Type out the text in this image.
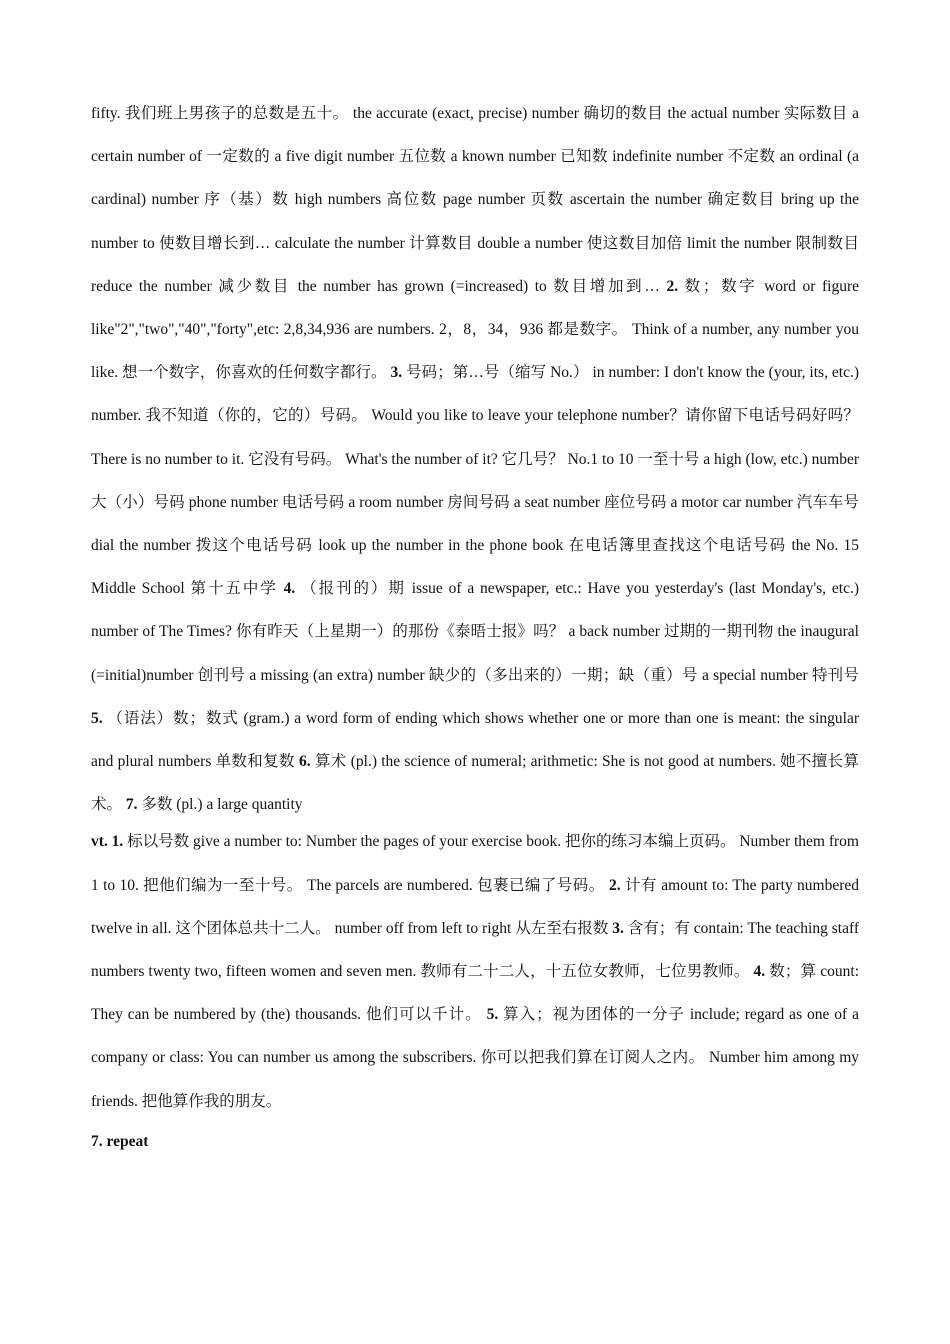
fifty. 我们班上男孩子的总数是五十。 the accurate (exact, precise) number 确切的数目 the actual number 实际数目 a certain number of 一定数的 a five digit number 五位数 a known number 已知数 indefinite number 不定数 an ordinal (a cardinal) number 序（基）数 high numbers 高位数 page number 页数 ascertain the number 确定数目 bring up the number to 使数目增长到… calculate the number 计算数目 double a number 使这数目加倍 limit the number 限制数目 reduce the number 减少数目 the number has grown (=increased) to 数目增加到… 2. 数；数字 word or figure like"2","two","40","forty",etc: 2,8,34,936 are numbers. 2，8，34，936 都是数字。 Think of a number, any number you like. 想一个数字，你喜欢的任何数字都行。 3. 号码；第…号（缩写 No.） in number: I don't know the (your, its, etc.) number. 我不知道（你的，它的）号码。 Would you like to leave your telephone number？请你留下电话号码好吗？ There is no number to it. 它没有号码。 What's the number of it? 它几号？ No.1 to 10 一至十号 a high (low, etc.) number 大（小）号码 phone number 电话号码 a room number 房间号码 a seat number 座位号码 a motor car number 汽车车号 dial the number 拨这个电话号码 look up the number in the phone book 在电话簿里查找这个电话号码 the No. 15 Middle School 第十五中学 4. （报刊的）期 issue of a newspaper, etc.: Have you yesterday's (last Monday's, etc.) number of The Times? 你有昨天（上星期一）的那份《泰晤士报》吗？ a back number 过期的一期刊物 the inaugural (=initial)number 创刊号 a missing (an extra) number 缺少的（多出来的）一期；缺（重）号 a special number 特刊号 5. （语法）数；数式 (gram.) a word form of ending which shows whether one or more than one is meant: the singular and plural numbers 单数和复数 6. 算术 (pl.) the science of numeral; arithmetic: She is not good at numbers. 她不擅长算术。 7. 多数 (pl.) a large quantity

vt. 1. 标以号数 give a number to: Number the pages of your exercise book. 把你的练习本编上页码。 Number them from 1 to 10. 把他们编为一至十号。 The parcels are numbered. 包裹已编了号码。 2. 计有 amount to: The party numbered twelve in all. 这个团体总共十二人。 number off from left to right 从左至右报数 3. 含有；有 contain: The teaching staff numbers twenty two, fifteen women and seven men. 教师有二十二人，十五位女教师，七位男教师。 4. 数；算 count: They can be numbered by (the) thousands. 他们可以千计。 5. 算入；视为团体的一分子 include; regard as one of a company or class: You can number us among the subscribers. 你可以把我们算在订阅人之内。 Number him among my friends. 把他算作我的朋友。

7. repeat
